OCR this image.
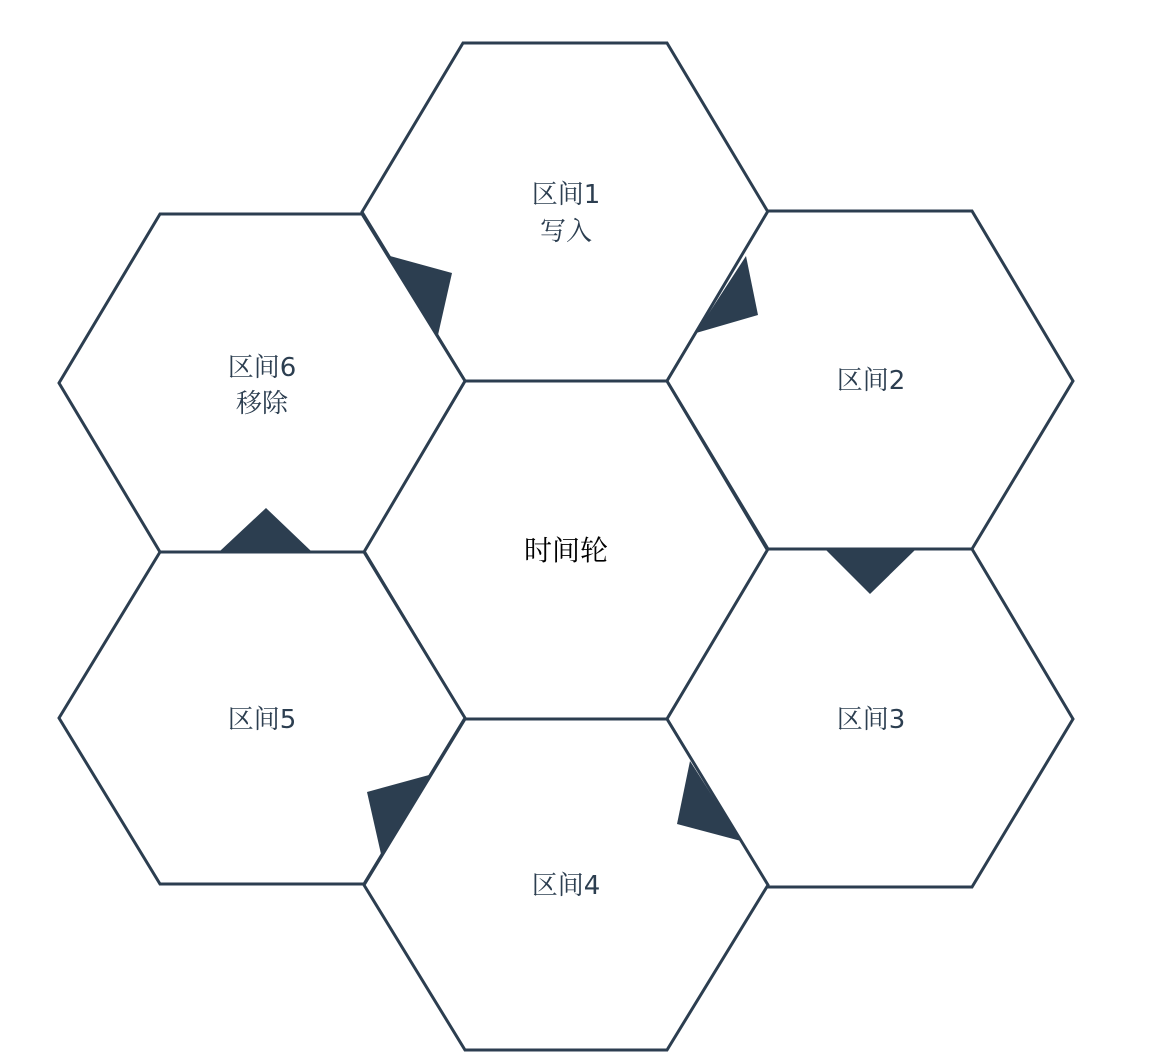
时间轮
区间1
写入
区间2
区间3
区间4
区间5
区间6
移除
